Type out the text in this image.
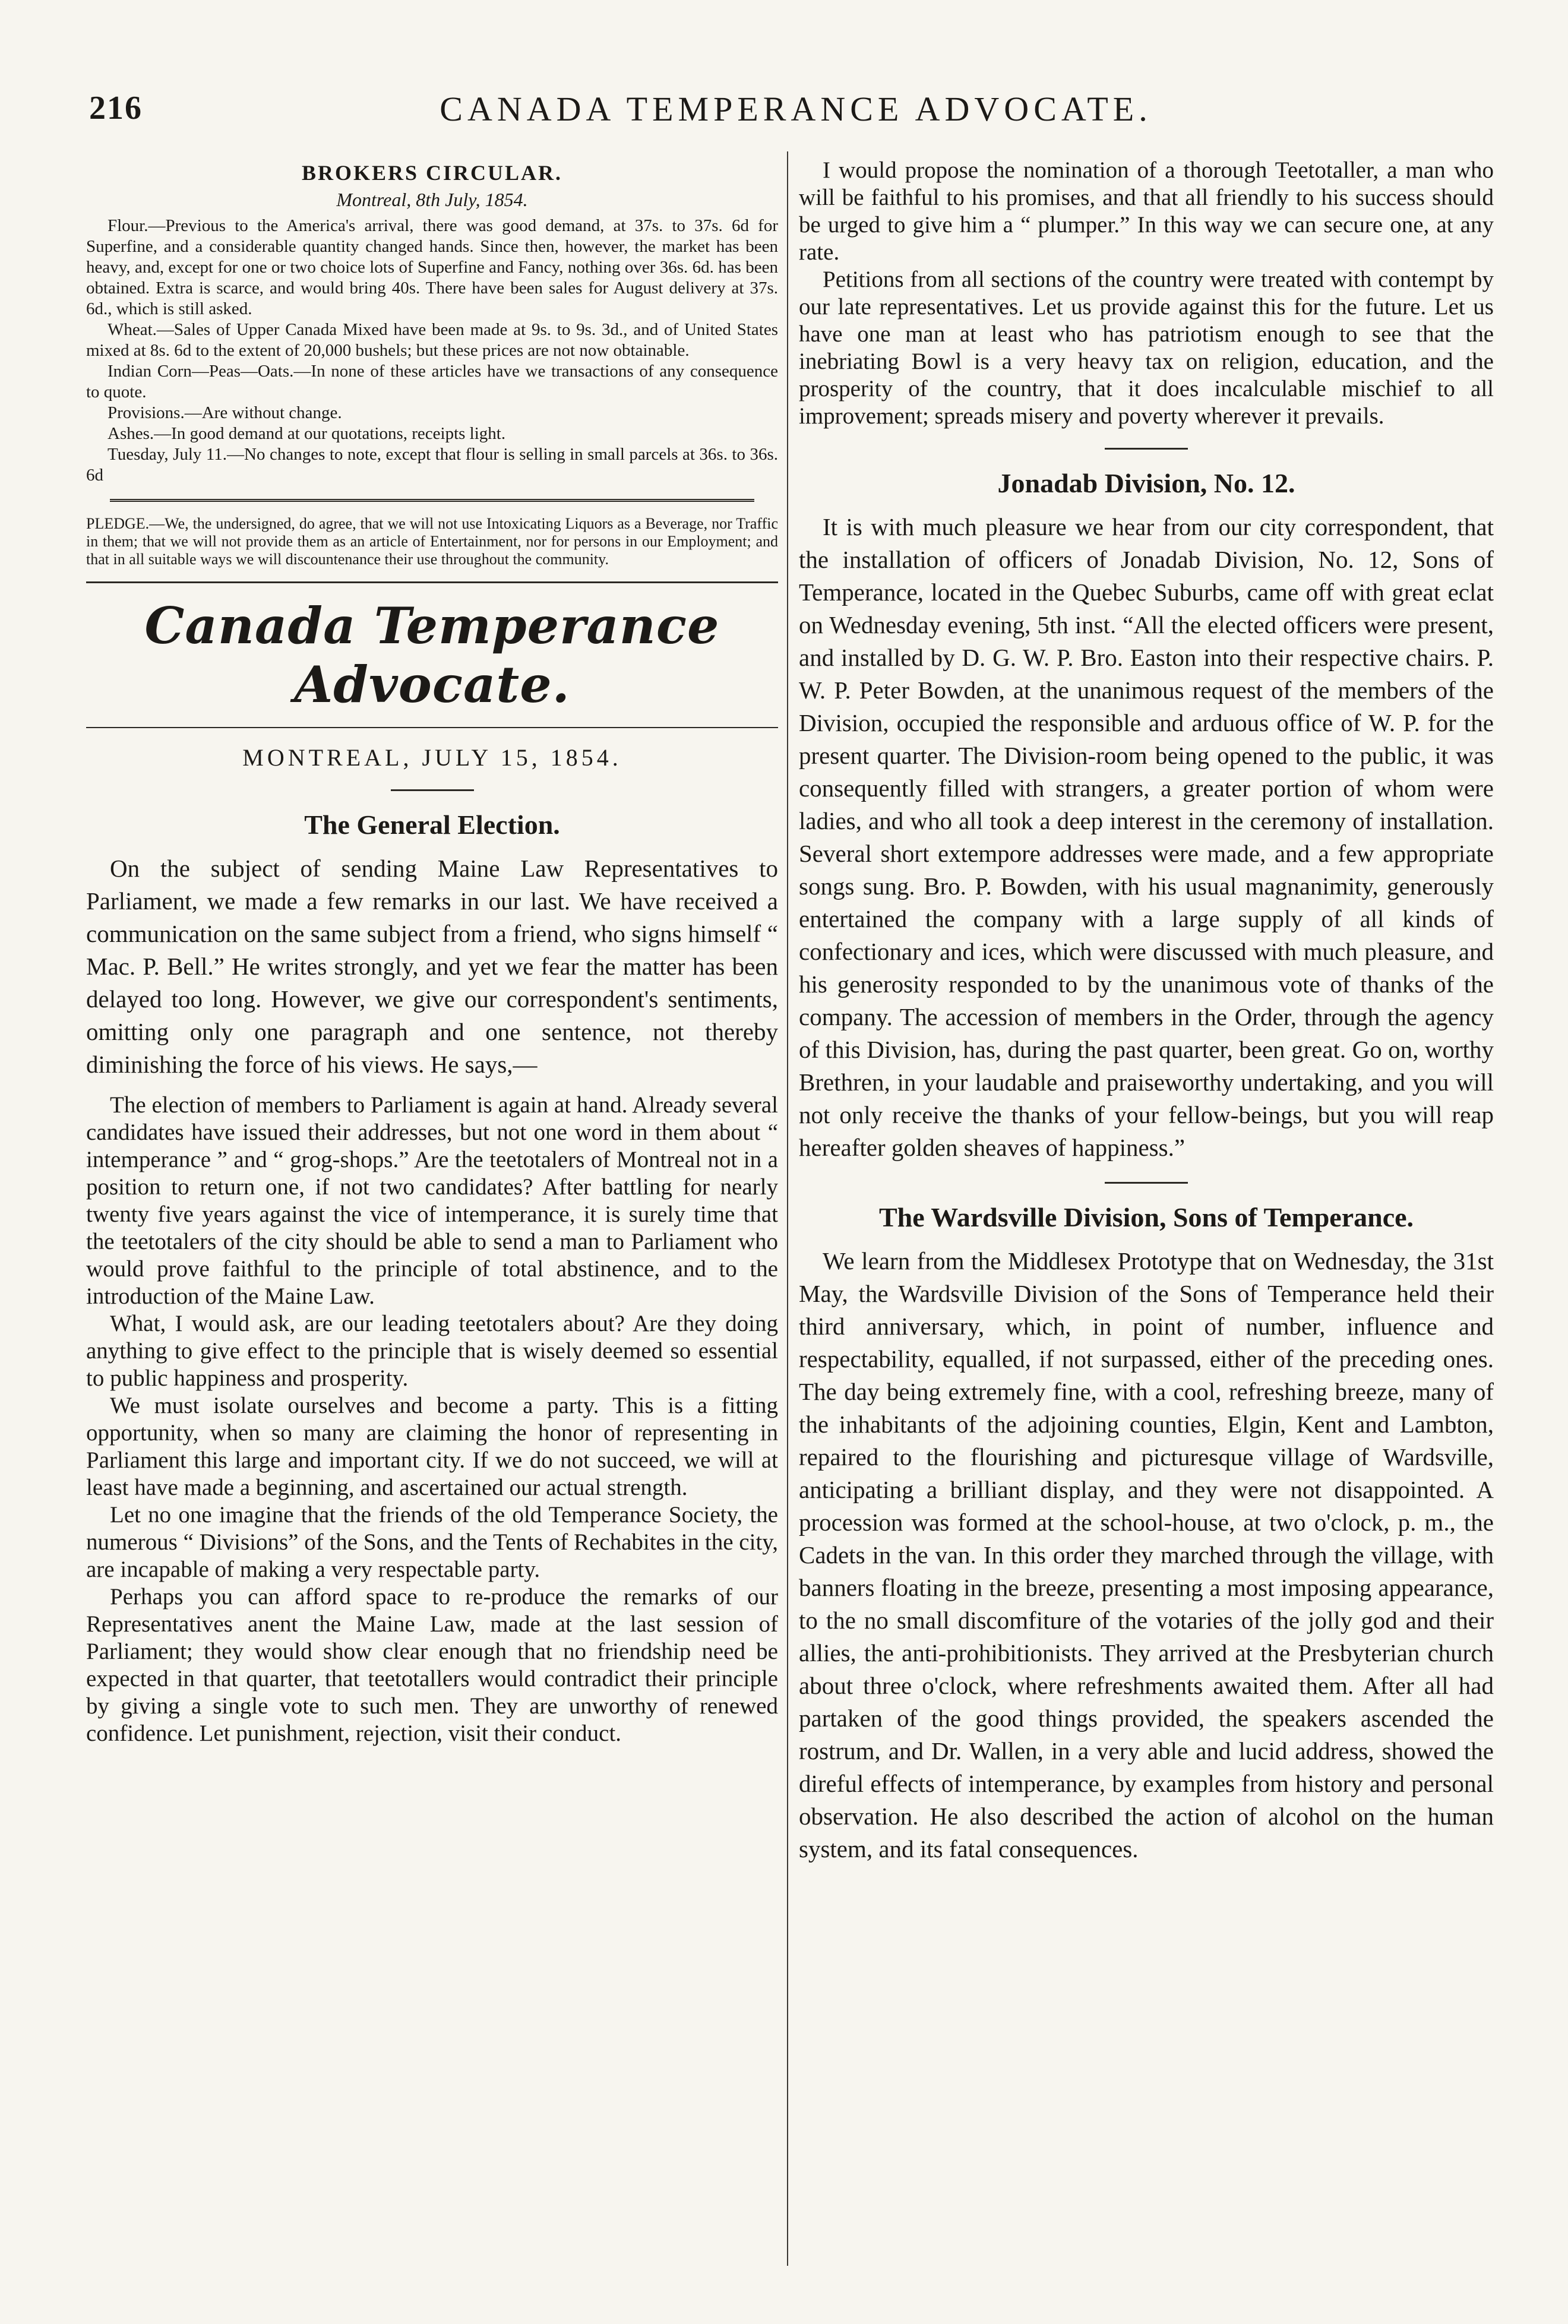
216	CANADA TEMPERANCE ADVOCATE.
BROKERS CIRCULAR.
Montreal, 8th July, 1854.

Flour.—Previous to the America's arrival, there was good demand, at 37s. to 37s. 6d for Superfine, and a considerable quantity changed hands. Since then, however, the market has been heavy, and, except for one or two choice lots of Superfine and Fancy, nothing over 36s. 6d. has been obtained. Extra is scarce, and would bring 40s. There have been sales for August delivery at 37s. 6d., which is still asked.

Wheat.—Sales of Upper Canada Mixed have been made at 9s. to 9s. 3d., and of United States mixed at 8s. 6d to the extent of 20,000 bushels; but these prices are not now obtainable.

Indian Corn—Peas—Oats.—In none of these articles have we transactions of any consequence to quote.

Provisions.—Are without change.

Ashes.—In good demand at our quotations, receipts light.

Tuesday, July 11.—No changes to note, except that flour is selling in small parcels at 36s. to 36s. 6d

PLEDGE.—We, the undersigned, do agree, that we will not use Intoxicating Liquors as a Beverage, nor Traffic in them; that we will not provide them as an article of Entertainment, nor for persons in our Employment; and that in all suitable ways we will discountenance their use throughout the community.

Canada Temperance Advocate.
MONTREAL, JULY 15, 1854.
The General Election.

On the subject of sending Maine Law Representatives to Parliament, we made a few remarks in our last. We have received a communication on the same subject from a friend, who signs himself “ Mac. P. Bell.” He writes strongly, and yet we fear the matter has been delayed too long. However, we give our correspondent's sentiments, omitting only one paragraph and one sentence, not thereby diminishing the force of his views. He says,—

The election of members to Parliament is again at hand. Already several candidates have issued their addresses, but not one word in them about “ intemperance ” and “ grog-shops.” Are the teetotalers of Montreal not in a position to return one, if not two candidates? After battling for nearly twenty five years against the vice of intemperance, it is surely time that the teetotalers of the city should be able to send a man to Parliament who would prove faithful to the principle of total abstinence, and to the introduction of the Maine Law.

What, I would ask, are our leading teetotalers about? Are they doing anything to give effect to the principle that is wisely deemed so essential to public happiness and prosperity.

We must isolate ourselves and become a party. This is a fitting opportunity, when so many are claiming the honor of representing in Parliament this large and important city. If we do not succeed, we will at least have made a beginning, and ascertained our actual strength.

Let no one imagine that the friends of the old Temperance Society, the numerous “ Divisions” of the Sons, and the Tents of Rechabites in the city, are incapable of making a very respectable party.

Perhaps you can afford space to re-produce the remarks of our Representatives anent the Maine Law, made at the last session of Parliament; they would show clear enough that no friendship need be expected in that quarter, that teetotallers would contradict their principle by giving a single vote to such men. They are unworthy of renewed confidence. Let punishment, rejection, visit their conduct.

I would propose the nomination of a thorough Teetotaller, a man who will be faithful to his promises, and that all friendly to his success should be urged to give him a “ plumper.” In this way we can secure one, at any rate.

Petitions from all sections of the country were treated with contempt by our late representatives. Let us provide against this for the future. Let us have one man at least who has patriotism enough to see that the inebriating Bowl is a very heavy tax on religion, education, and the prosperity of the country, that it does incalculable mischief to all improvement; spreads misery and poverty wherever it prevails.

Jonadab Division, No. 12.

It is with much pleasure we hear from our city correspondent, that the installation of officers of Jonadab Division, No. 12, Sons of Temperance, located in the Quebec Suburbs, came off with great eclat on Wednesday evening, 5th inst. “All the elected officers were present, and installed by D. G. W. P. Bro. Easton into their respective chairs. P. W. P. Peter Bowden, at the unanimous request of the members of the Division, occupied the responsible and arduous office of W. P. for the present quarter. The Division-room being opened to the public, it was consequently filled with strangers, a greater portion of whom were ladies, and who all took a deep interest in the ceremony of installation. Several short extempore addresses were made, and a few appropriate songs sung. Bro. P. Bowden, with his usual magnanimity, generously entertained the company with a large supply of all kinds of confectionary and ices, which were discussed with much pleasure, and his generosity responded to by the unanimous vote of thanks of the company. The accession of members in the Order, through the agency of this Division, has, during the past quarter, been great. Go on, worthy Brethren, in your laudable and praiseworthy undertaking, and you will not only receive the thanks of your fellow-beings, but you will reap hereafter golden sheaves of happiness.”

The Wardsville Division, Sons of Temperance.

We learn from the Middlesex Prototype that on Wednesday, the 31st May, the Wardsville Division of the Sons of Temperance held their third anniversary, which, in point of number, influence and respectability, equalled, if not surpassed, either of the preceding ones. The day being extremely fine, with a cool, refreshing breeze, many of the inhabitants of the adjoining counties, Elgin, Kent and Lambton, repaired to the flourishing and picturesque village of Wardsville, anticipating a brilliant display, and they were not disappointed. A procession was formed at the school-house, at two o'clock, p. m., the Cadets in the van. In this order they marched through the village, with banners floating in the breeze, presenting a most imposing appearance, to the no small discomfiture of the votaries of the jolly god and their allies, the anti-prohibitionists. They arrived at the Presbyterian church about three o'clock, where refreshments awaited them. After all had partaken of the good things provided, the speakers ascended the rostrum, and Dr. Wallen, in a very able and lucid address, showed the direful effects of intemperance, by examples from history and personal observation. He also described the action of alcohol on the human system, and its fatal consequences.
